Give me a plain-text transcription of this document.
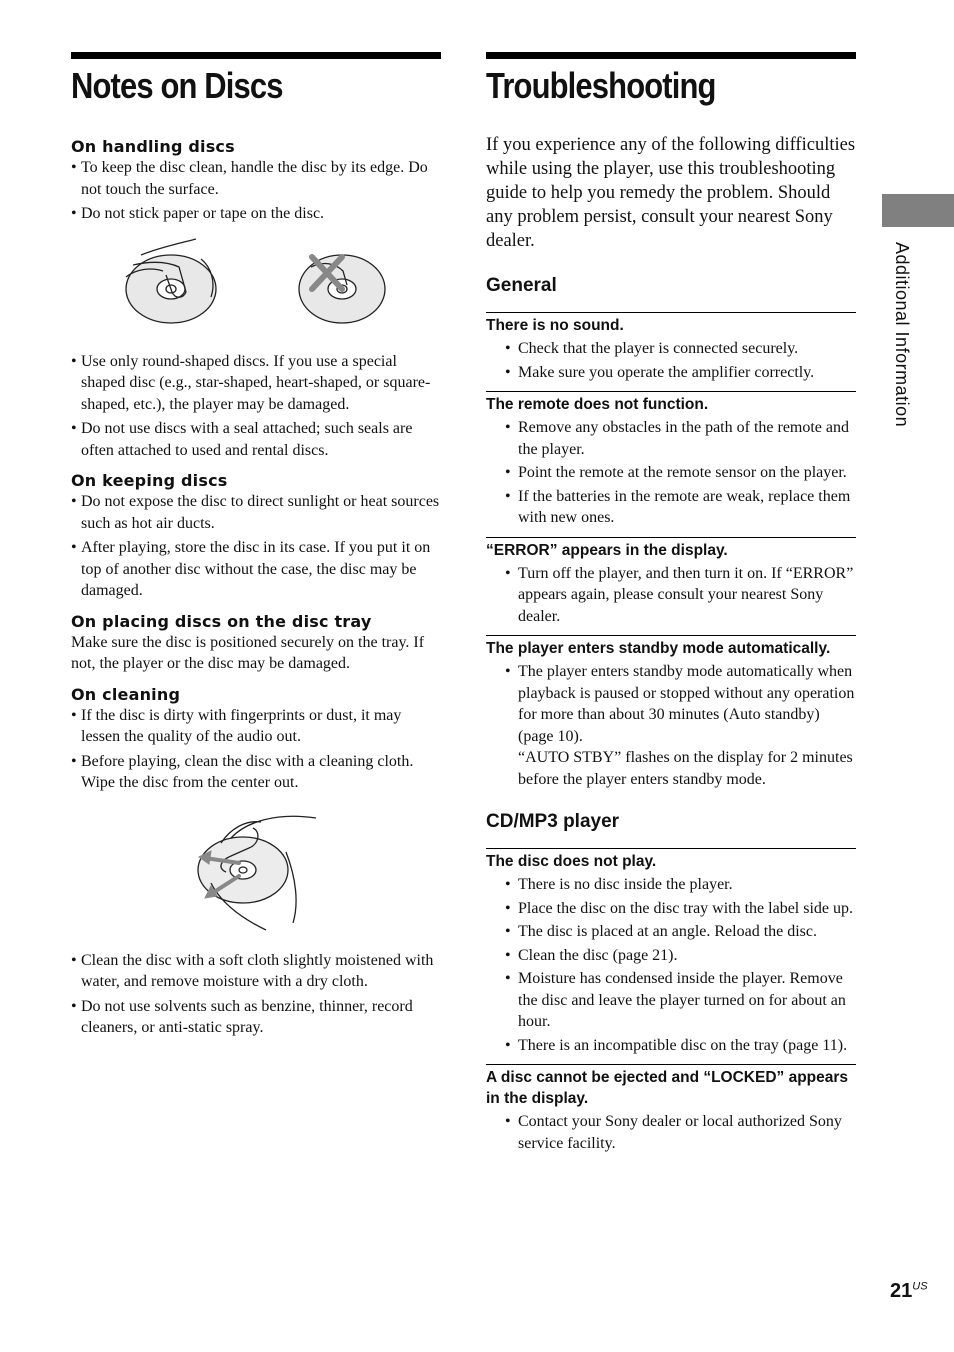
Additional Information
Notes on Discs
On handling discs
• To keep the disc clean, handle the disc by its edge. Do not touch the surface.
• Do not stick paper or tape on the disc.
• Use only round-shaped discs. If you use a special shaped disc (e.g., star-shaped, heart-shaped, or square-shaped, etc.), the player may be damaged.
• Do not use discs with a seal attached; such seals are often attached to used and rental discs.
On keeping discs
• Do not expose the disc to direct sunlight or heat sources such as hot air ducts.
• After playing, store the disc in its case. If you put it on top of another disc without the case, the disc may be damaged.
On placing discs on the disc tray

Make sure the disc is positioned securely on the tray. If not, the player or the disc may be damaged.

On cleaning
• If the disc is dirty with fingerprints or dust, it may lessen the quality of the audio out.
• Before playing, clean the disc with a cleaning cloth. Wipe the disc from the center out.
• Clean the disc with a soft cloth slightly moistened with water, and remove moisture with a dry cloth.
• Do not use solvents such as benzine, thinner, record cleaners, or anti-static spray.
Troubleshooting

If you experience any of the following difficulties while using the player, use this troubleshooting guide to help you remedy the problem. Should any problem persist, consult your nearest Sony dealer.

General
There is no sound.
• Check that the player is connected securely.
• Make sure you operate the amplifier correctly.
The remote does not function.
• Remove any obstacles in the path of the remote and the player.
• Point the remote at the remote sensor on the player.
• If the batteries in the remote are weak, replace them with new ones.
“ERROR” appears in the display.
• Turn off the player, and then turn it on. If “ERROR” appears again, please consult your nearest Sony dealer.
The player enters standby mode automatically.
• The player enters standby mode automatically when playback is paused or stopped without any operation for more than about 30 minutes (Auto standby) (page 10).
“AUTO STBY” flashes on the display for 2 minutes before the player enters standby mode.
CD/MP3 player
The disc does not play.
• There is no disc inside the player.
• Place the disc on the disc tray with the label side up.
• The disc is placed at an angle. Reload the disc.
• Clean the disc (page 21).
• Moisture has condensed inside the player. Remove the disc and leave the player turned on for about an hour.
• There is an incompatible disc on the tray (page 11).
A disc cannot be ejected and “LOCKED” appears in the display.
• Contact your Sony dealer or local authorized Sony service facility.
$21^{US}$
